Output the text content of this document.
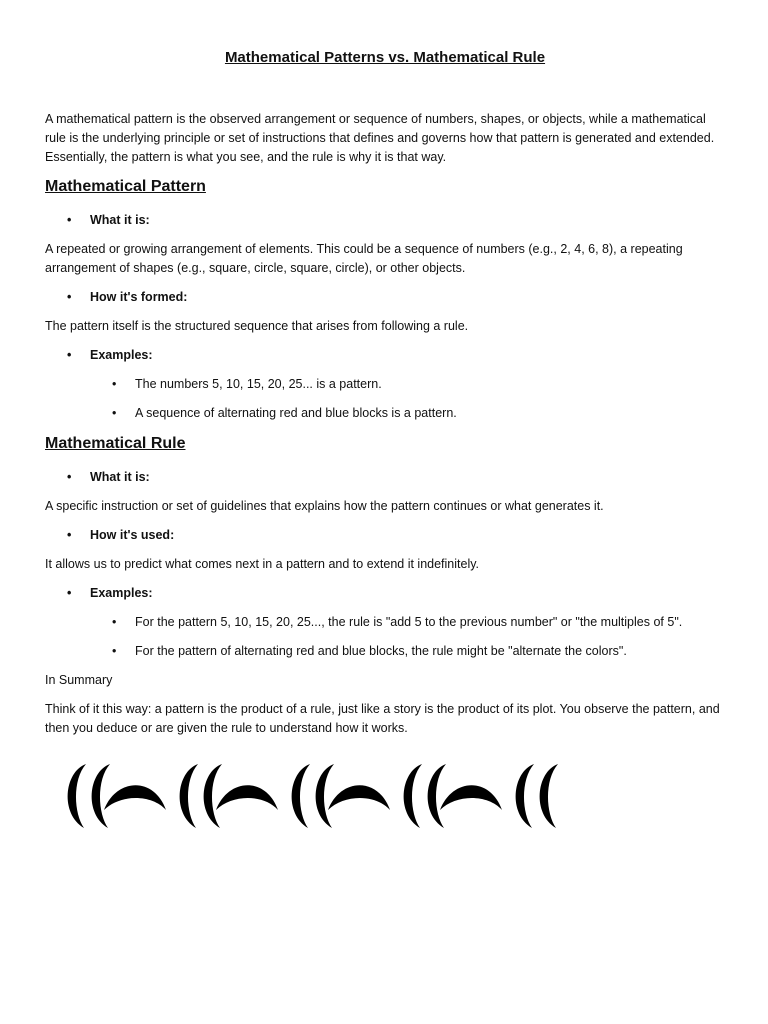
Mathematical Patterns vs. Mathematical Rule

A mathematical pattern is the observed arrangement or sequence of numbers, shapes, or objects, while a mathematical rule is the underlying principle or set of instructions that defines and governs how that pattern is generated and extended. Essentially, the pattern is what you see, and the rule is why it is that way.

Mathematical Pattern
• What it is:

A repeated or growing arrangement of elements. This could be a sequence of numbers (e.g., 2, 4, 6, 8), a repeating arrangement of shapes (e.g., square, circle, square, circle), or other objects.

• How it's formed:

The pattern itself is the structured sequence that arises from following a rule.

• Examples:
• The numbers 5, 10, 15, 20, 25... is a pattern.
• A sequence of alternating red and blue blocks is a pattern.
Mathematical Rule
• What it is:

A specific instruction or set of guidelines that explains how the pattern continues or what generates it.

• How it's used:

It allows us to predict what comes next in a pattern and to extend it indefinitely.

• Examples:
• For the pattern 5, 10, 15, 20, 25..., the rule is "add 5 to the previous number" or "the multiples of 5".
• For the pattern of alternating red and blue blocks, the rule might be "alternate the colors".

In Summary

Think of it this way: a pattern is the product of a rule, just like a story is the product of its plot. You observe the pattern, and then you deduce or are given the rule to understand how it works.
